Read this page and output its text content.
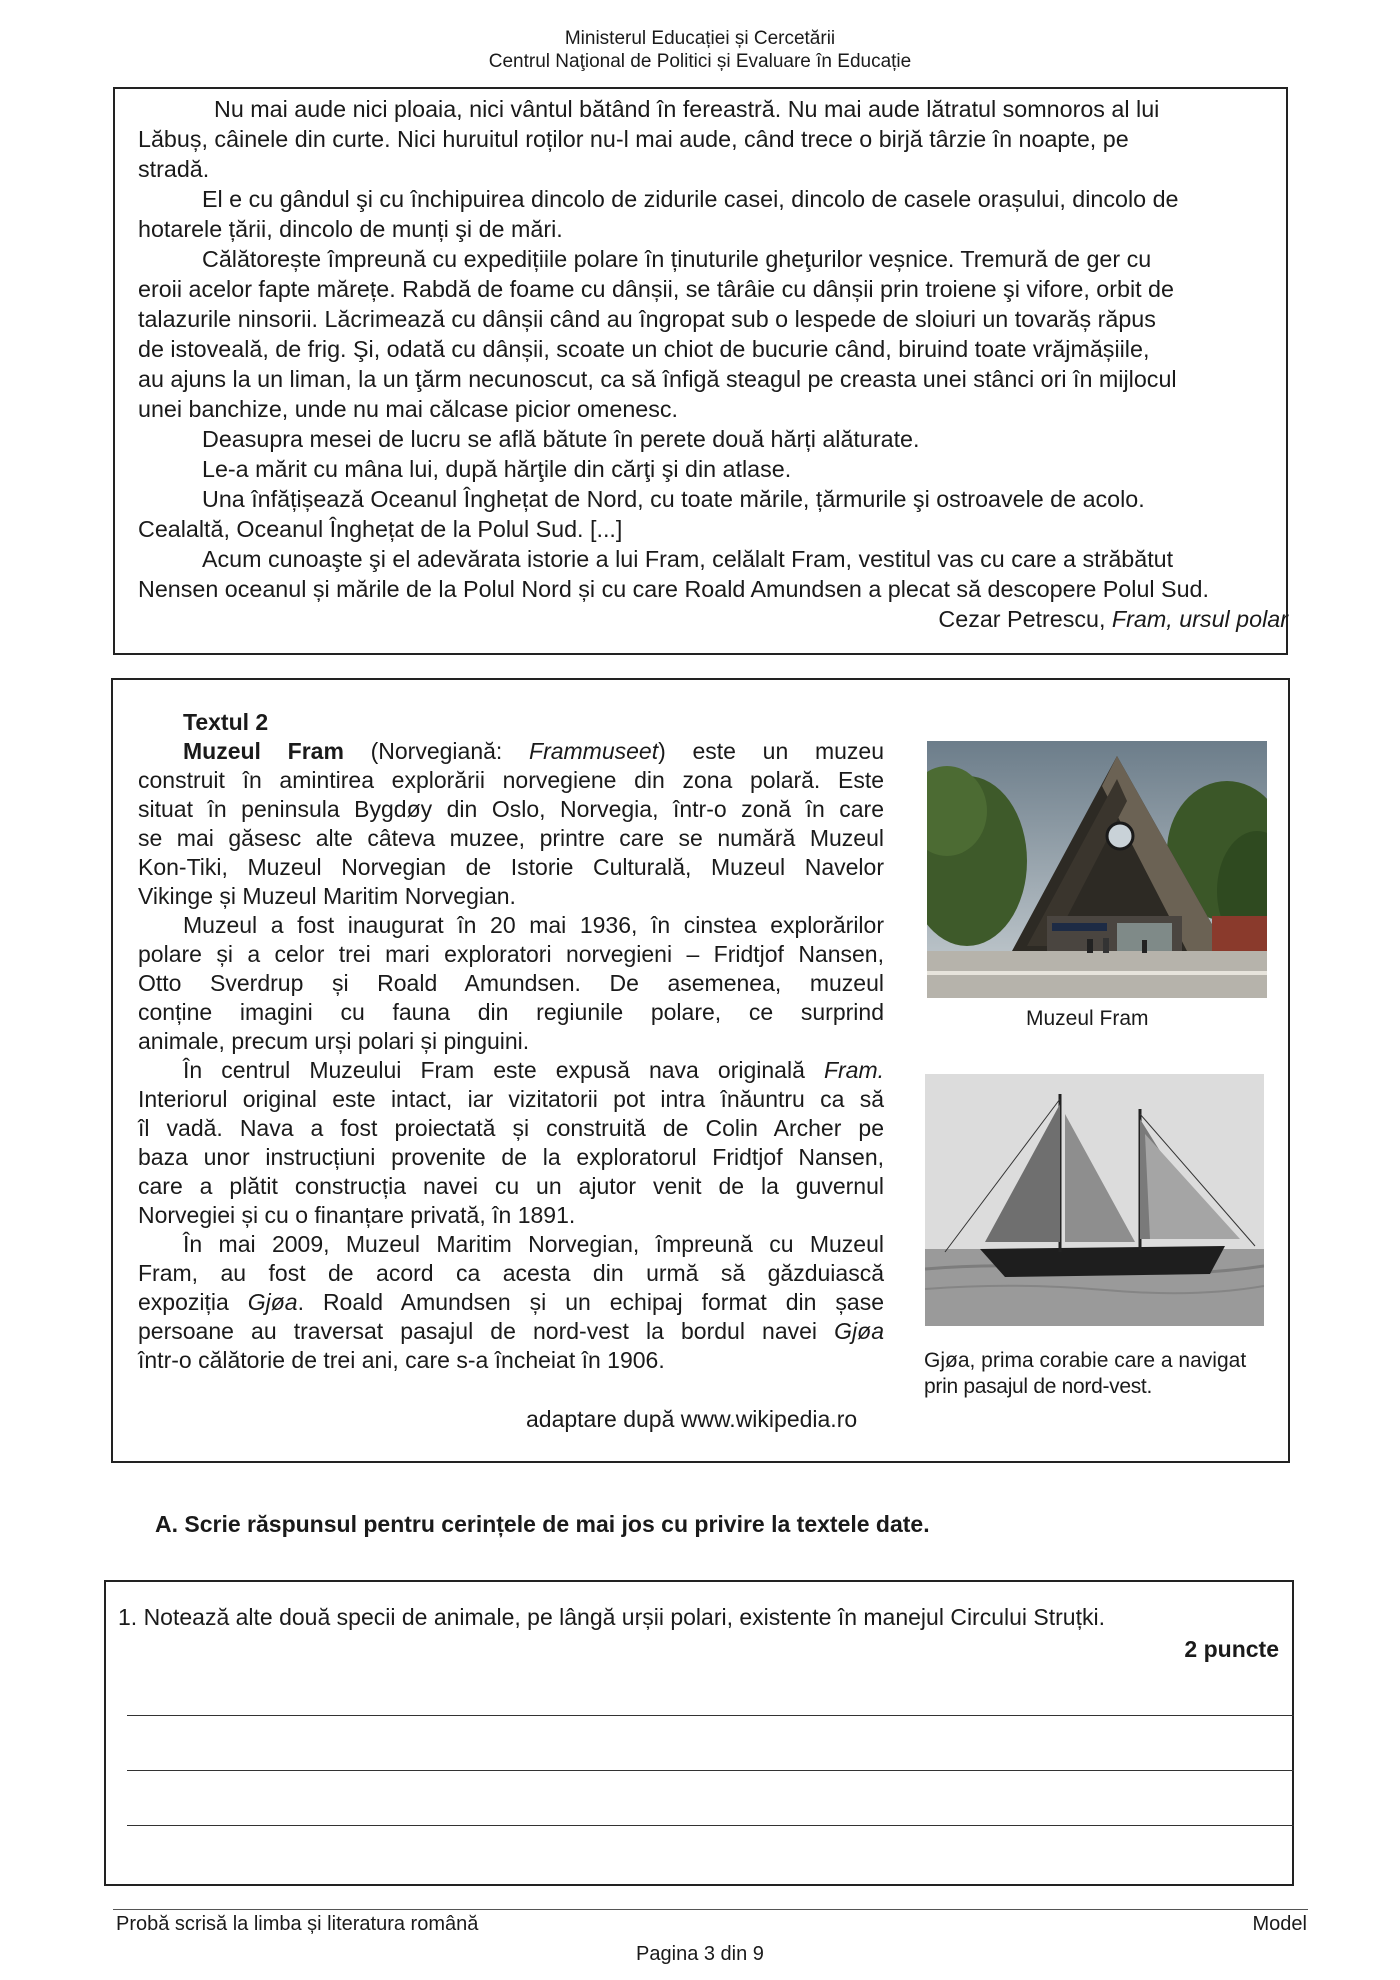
Ministerul Educației și Cercetării
Centrul Naţional de Politici și Evaluare în Educație
Nu mai aude nici ploaia, nici vântul bătând în fereastră. Nu mai aude lătratul somnoros al lui
Lăbuș, câinele din curte. Nici huruitul roților nu-l mai aude, când trece o birjă târzie în noapte, pe
stradă.
El e cu gândul şi cu închipuirea dincolo de zidurile casei, dincolo de casele orașului, dincolo de
hotarele țării, dincolo de munți şi de mări.
Călătorește împreună cu expedițiile polare în ținuturile gheţurilor veșnice. Tremură de ger cu
eroii acelor fapte mărețe. Rabdă de foame cu dânșii, se târâie cu dânșii prin troiene şi vifore, orbit de
talazurile ninsorii. Lăcrimează cu dânșii când au îngropat sub o lespede de sloiuri un tovarăș răpus
de istoveală, de frig. Şi, odată cu dânșii, scoate un chiot de bucurie când, biruind toate vrăjmășiile,
au ajuns la un liman, la un ţărm necunoscut, ca să înfigă steagul pe creasta unei stânci ori în mijlocul
unei banchize, unde nu mai călcase picior omenesc.
Deasupra mesei de lucru se află bătute în perete două hărți alăturate.
Le-a mărit cu mâna lui, după hărţile din cărţi şi din atlase.
Una înfățișează Oceanul Înghețat de Nord, cu toate mările, țărmurile şi ostroavele de acolo.
Cealaltă, Oceanul Înghețat de la Polul Sud. [...]
Acum cunoaşte şi el adevărata istorie a lui Fram, celălalt Fram, vestitul vas cu care a străbătut
Nensen oceanul și mările de la Polul Nord și cu care Roald Amundsen a plecat să descopere Polul Sud.
Cezar Petrescu, Fram, ursul polar
Textul 2
Muzeul Fram (Norvegiană: Frammuseet) este un muzeu
construit în amintirea explorării norvegiene din zona polară. Este
situat în peninsula Bygdøy din Oslo, Norvegia, într-o zonă în care
se mai găsesc alte câteva muzee, printre care se numără Muzeul
Kon-Tiki, Muzeul Norvegian de Istorie Culturală, Muzeul Navelor
Vikinge și Muzeul Maritim Norvegian.
Muzeul a fost inaugurat în 20 mai 1936, în cinstea explorărilor
polare și a celor trei mari exploratori norvegieni – Fridtjof Nansen,
Otto Sverdrup și Roald Amundsen. De asemenea, muzeul
conține imagini cu fauna din regiunile polare, ce surprind
animale, precum urși polari și pinguini.
În centrul Muzeului Fram este expusă nava originală Fram.
Interiorul original este intact, iar vizitatorii pot intra înăuntru ca să
îl vadă. Nava a fost proiectată și construită de Colin Archer pe
baza unor instrucțiuni provenite de la exploratorul Fridtjof Nansen,
care a plătit construcția navei cu un ajutor venit de la guvernul
Norvegiei și cu o finanțare privată, în 1891.
În mai 2009, Muzeul Maritim Norvegian, împreună cu Muzeul
Fram, au fost de acord ca acesta din urmă să găzduiască
expoziția Gjøa. Roald Amundsen și un echipaj format din șase
persoane au traversat pasajul de nord-vest la bordul navei Gjøa
într-o călătorie de trei ani, care s-a încheiat în 1906.
adaptare după www.wikipedia.ro
Muzeul Fram
Gjøa, prima corabie care a navigat
prin pasajul de nord-vest.
A. Scrie răspunsul pentru cerințele de mai jos cu privire la textele date.
1. Notează alte două specii de animale, pe lângă urșii polari, existente în manejul Circului Struțki.
2 puncte
Probă scrisă la limba și literatura română	Model
Pagina 3 din 9
